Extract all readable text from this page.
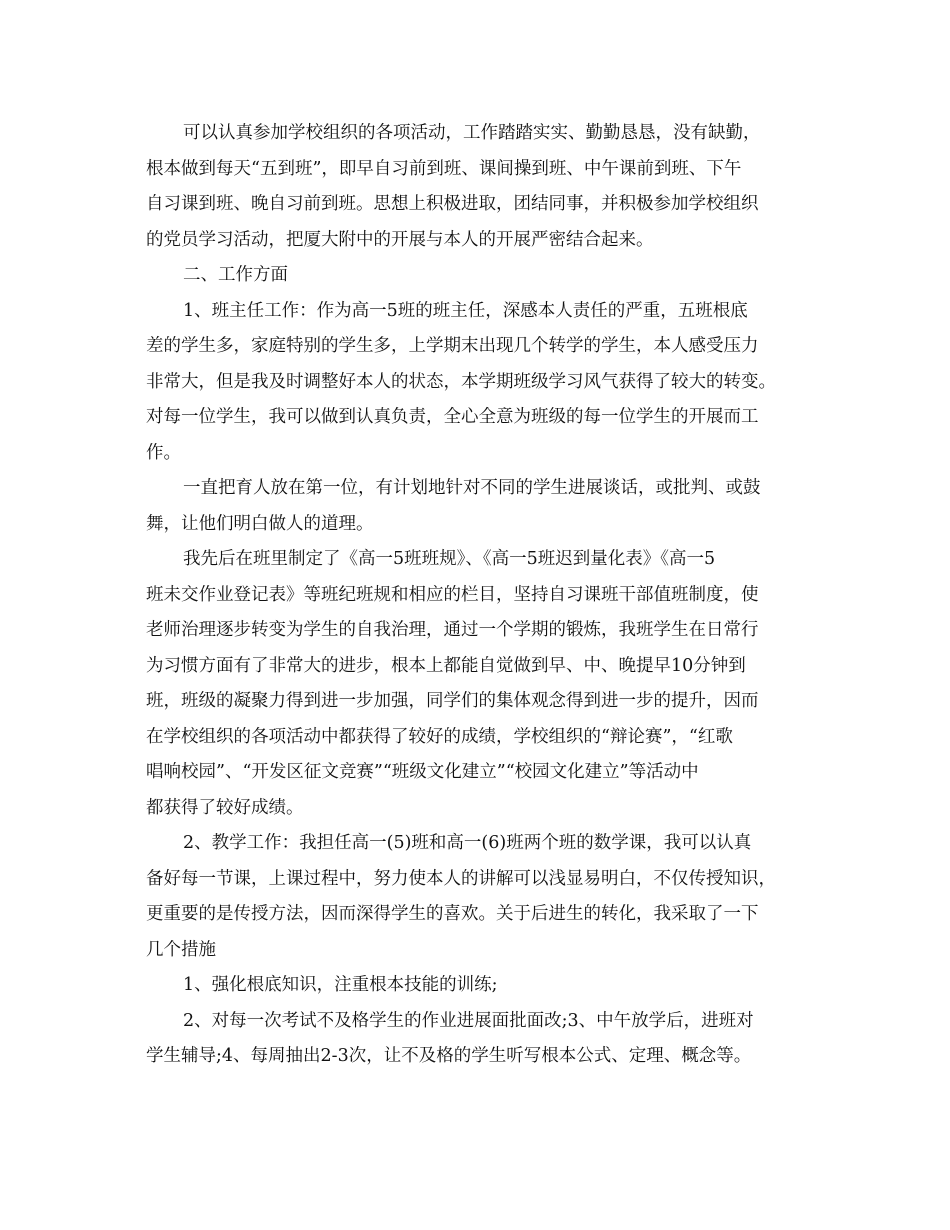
可以认真参加学校组织的各项活动，工作踏踏实实、勤勤恳恳，没有缺勤，
根本做到每天“五到班”，即早自习前到班、课间操到班、中午课前到班、下午
自习课到班、晚自习前到班。思想上积极进取，团结同事，并积极参加学校组织
的党员学习活动，把厦大附中的开展与本人的开展严密结合起来。
二、工作方面
1、班主任工作：作为高一5班的班主任，深感本人责任的严重，五班根底
差的学生多，家庭特别的学生多，上学期末出现几个转学的学生，本人感受压力
非常大，但是我及时调整好本人的状态，本学期班级学习风气获得了较大的转变。
对每一位学生，我可以做到认真负责，全心全意为班级的每一位学生的开展而工
作。
一直把育人放在第一位，有计划地针对不同的学生进展谈话，或批判、或鼓
舞，让他们明白做人的道理。
我先后在班里制定了《高一5班班规》、《高一5班迟到量化表》《高一5
班未交作业登记表》等班纪班规和相应的栏目，坚持自习课班干部值班制度，使
老师治理逐步转变为学生的自我治理，通过一个学期的锻炼，我班学生在日常行
为习惯方面有了非常大的进步，根本上都能自觉做到早、中、晚提早10分钟到
班，班级的凝聚力得到进一步加强，同学们的集体观念得到进一步的提升，因而
在学校组织的各项活动中都获得了较好的成绩，学校组织的“辩论赛”，“红歌
唱响校园”、“开发区征文竞赛”“班级文化建立”“校园文化建立”等活动中
都获得了较好成绩。
2、教学工作：我担任高一(5)班和高一(6)班两个班的数学课，我可以认真
备好每一节课，上课过程中，努力使本人的讲解可以浅显易明白，不仅传授知识，
更重要的是传授方法，因而深得学生的喜欢。关于后进生的转化，我采取了一下
几个措施
1、强化根底知识，注重根本技能的训练;
2、对每一次考试不及格学生的作业进展面批面改;3、中午放学后，进班对
学生辅导;4、每周抽出2-3次，让不及格的学生听写根本公式、定理、概念等。
